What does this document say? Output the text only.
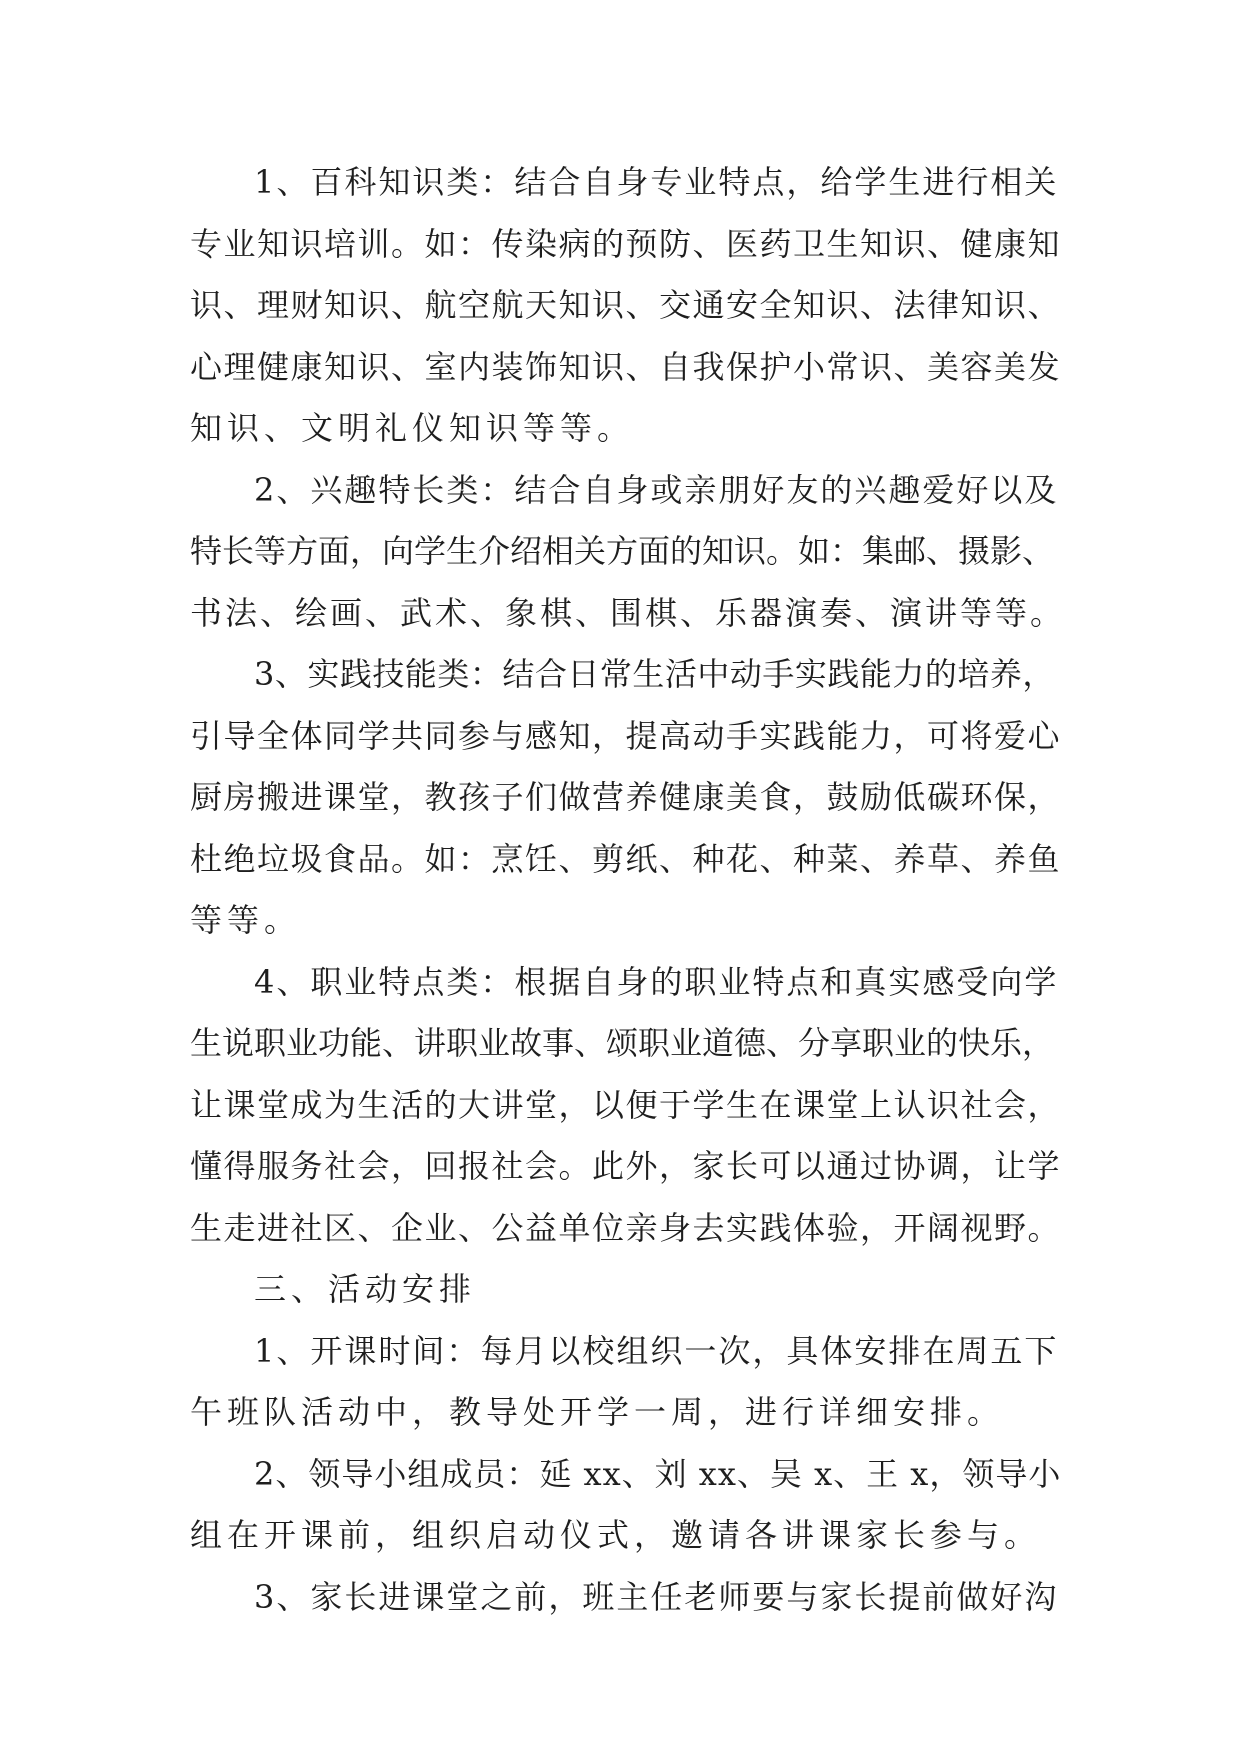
1、百科知识类：结合自身专业特点，给学生进行相关
专业知识培训。如：传染病的预防、医药卫生知识、健康知
识、理财知识、航空航天知识、交通安全知识、法律知识、
心理健康知识、室内装饰知识、自我保护小常识、美容美发
知识、文明礼仪知识等等。
2、兴趣特长类：结合自身或亲朋好友的兴趣爱好以及
特长等方面，向学生介绍相关方面的知识。如：集邮、摄影、
书法、绘画、武术、象棋、围棋、乐器演奏、演讲等等。
3、实践技能类：结合日常生活中动手实践能力的培养，
引导全体同学共同参与感知，提高动手实践能力，可将爱心
厨房搬进课堂，教孩子们做营养健康美食，鼓励低碳环保，
杜绝垃圾食品。如：烹饪、剪纸、种花、种菜、养草、养鱼
等等。
4、职业特点类：根据自身的职业特点和真实感受向学
生说职业功能、讲职业故事、颂职业道德、分享职业的快乐，
让课堂成为生活的大讲堂，以便于学生在课堂上认识社会，
懂得服务社会，回报社会。此外，家长可以通过协调，让学
生走进社区、企业、公益单位亲身去实践体验，开阔视野。
三、活动安排
1、开课时间：每月以校组织一次，具体安排在周五下
午班队活动中，教导处开学一周，进行详细安排。
2、领导小组成员：延 xx、刘 xx、吴 x、王 x，领导小
组在开课前，组织启动仪式，邀请各讲课家长参与。
3、家长进课堂之前，班主任老师要与家长提前做好沟
